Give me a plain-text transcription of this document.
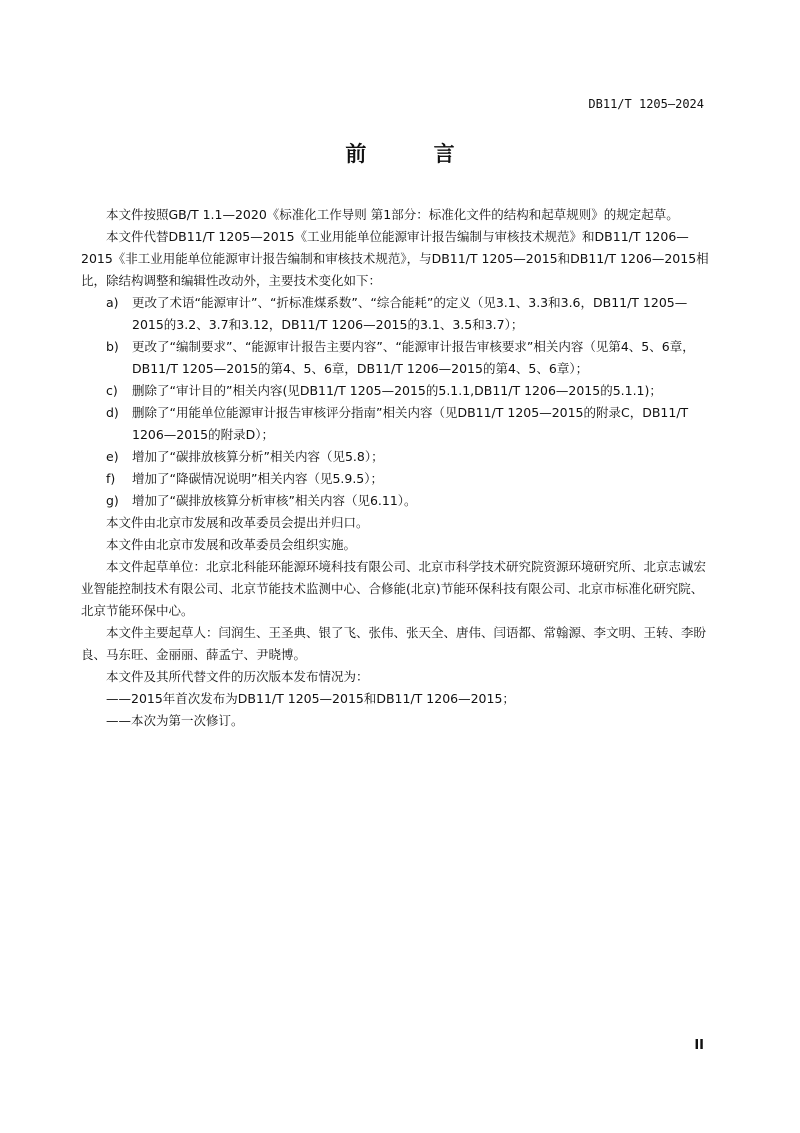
DB11/T 1205—2024
前 言

本文件按照GB/T 1.1—2020《标准化工作导则 第1部分：标准化文件的结构和起草规则》的规定起草。

本文件代替DB11/T 1205—2015《工业用能单位能源审计报告编制与审核技术规范》和DB11/T 1206—2015《非工业用能单位能源审计报告编制和审核技术规范》，与DB11/T 1205—2015和DB11/T 1206—2015相比，除结构调整和编辑性改动外，主要技术变化如下：

a) 更改了术语“能源审计”、“折标准煤系数”、“综合能耗”的定义（见3.1、3.3和3.6，DB11/T 1205—2015的3.2、3.7和3.12，DB11/T 1206—2015的3.1、3.5和3.7）；

b) 更改了“编制要求”、“能源审计报告主要内容”、“能源审计报告审核要求”相关内容（见第4、5、6章，DB11/T 1205—2015的第4、5、6章，DB11/T 1206—2015的第4、5、6章）；

c) 删除了“审计目的”相关内容(见DB11/T 1205—2015的5.1.1,DB11/T 1206—2015的5.1.1)；

d) 删除了“用能单位能源审计报告审核评分指南”相关内容（见DB11/T 1205—2015的附录C，DB11/T 1206—2015的附录D）；

e) 增加了“碳排放核算分析”相关内容（见5.8）；

f) 增加了“降碳情况说明”相关内容（见5.9.5）；

g) 增加了“碳排放核算分析审核”相关内容（见6.11）。

本文件由北京市发展和改革委员会提出并归口。

本文件由北京市发展和改革委员会组织实施。

本文件起草单位：北京北科能环能源环境科技有限公司、北京市科学技术研究院资源环境研究所、北京志诚宏业智能控制技术有限公司、北京节能技术监测中心、合修能(北京)节能环保科技有限公司、北京市标准化研究院、北京节能环保中心。

本文件主要起草人：闫润生、王圣典、银了飞、张伟、张天全、唐伟、闫语都、常翰源、李文明、王转、李盼良、马东旺、金丽丽、薛孟宁、尹晓博。

本文件及其所代替文件的历次版本发布情况为：

——2015年首次发布为DB11/T 1205—2015和DB11/T 1206—2015；

——本次为第一次修订。

II
